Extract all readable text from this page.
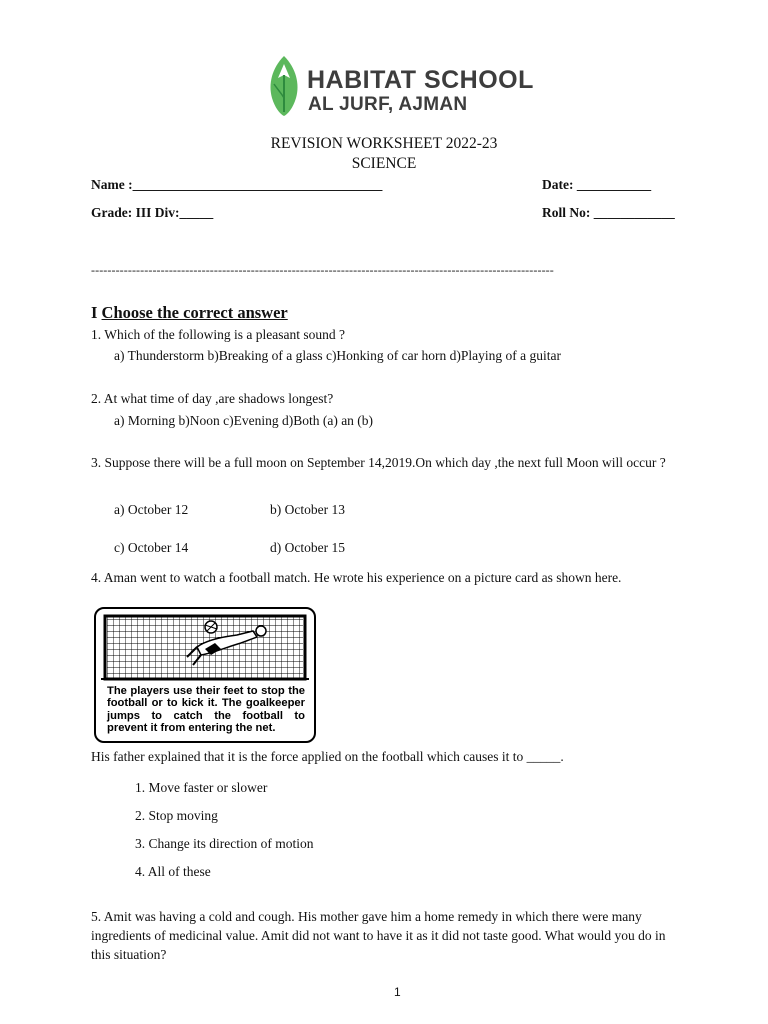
HABITAT SCHOOL
AL JURF, AJMAN
REVISION WORKSHEET 2022-23
SCIENCE
Name :_____________________________________	Date: ___________
Grade: III Div:_____	Roll No: ____________
-----------------------------------------------------------------------------------------------------------------
I Choose the correct answer
1. Which of the following is a pleasant sound ?
a) Thunderstorm b)Breaking of a glass c)Honking of car horn d)Playing of a guitar
2. At what time of day ,are shadows longest?
a) Morning b)Noon c)Evening d)Both (a) an (b)
3. Suppose there will be a full moon on September 14,2019.On which day ,the next full Moon will occur ?
a) October 12	b) October 13
c) October 14	d) October 15
4. Aman went to watch a football match. He wrote his experience on a picture card as shown here.
The players use their feet to stop the football or to kick it. The goalkeeper jumps to catch the football to prevent it from entering the net.
His father explained that it is the force applied on the football which causes it to _____.
1. Move faster or slower
2. Stop moving
3. Change its direction of motion
4. All of these
5. Amit was having a cold and cough. His mother gave him a home remedy in which there were many ingredients of medicinal value. Amit did not want to have it as it did not taste good. What would you do in this situation?
1
